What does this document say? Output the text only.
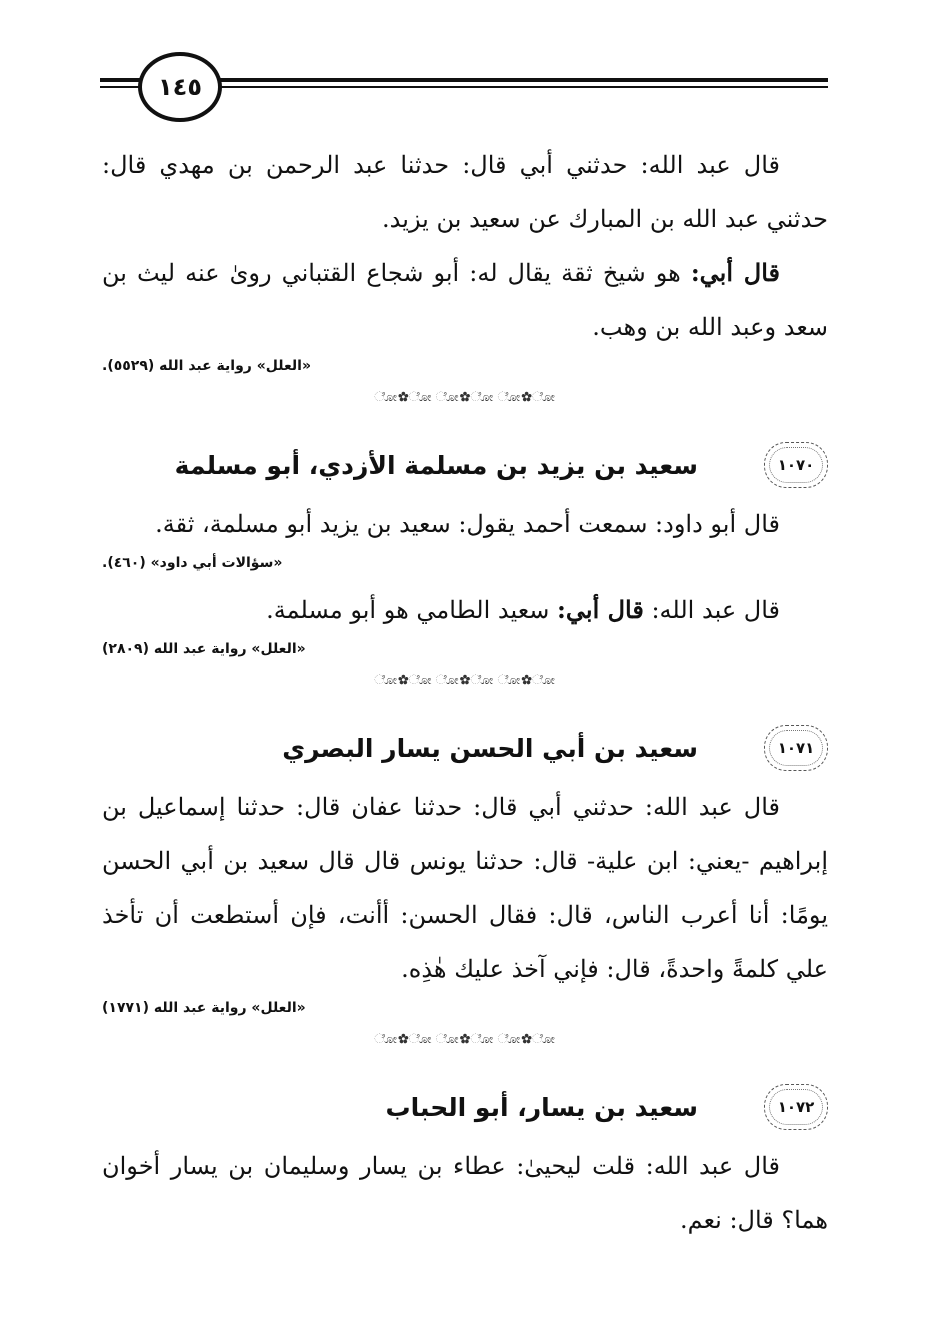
١٤٥

قال عبد الله: حدثني أبي قال: حدثنا عبد الرحمن بن مهدي قال: حدثني عبد الله بن المبارك عن سعيد بن يزيد.

قال أبي: هو شيخ ثقة يقال له: أبو شجاع القتباني روىٰ عنه ليث بن سعد وعبد الله بن وهب.

«العلل» رواية عبد الله (٥٥٢٩).
ೋ✿ೋ ೋ✿ೋ ೋ✿ೋ
١٠٧٠
سعيد بن يزيد بن مسلمة الأزدي، أبو مسلمة

قال أبو داود: سمعت أحمد يقول: سعيد بن يزيد أبو مسلمة، ثقة.

«سؤالات أبي داود» (٤٦٠).

قال عبد الله: قال أبي: سعيد الطامي هو أبو مسلمة.

«العلل» رواية عبد الله (٢٨٠٩)
ೋ✿ೋ ೋ✿ೋ ೋ✿ೋ
١٠٧١
سعيد بن أبي الحسن يسار البصري

قال عبد الله: حدثني أبي قال: حدثنا عفان قال: حدثنا إسماعيل بن إبراهيم -يعني: ابن علية- قال: حدثنا يونس قال قال سعيد بن أبي الحسن يومًا: أنا أعرب الناس، قال: فقال الحسن: أأنت، فإن أستطعت أن تأخذ علي كلمةً واحدةً، قال: فإني آخذ عليك هٰذِه.

«العلل» رواية عبد الله (١٧٧١)
ೋ✿ೋ ೋ✿ೋ ೋ✿ೋ
١٠٧٢
سعيد بن يسار، أبو الحباب

قال عبد الله: قلت ليحيىٰ: عطاء بن يسار وسليمان بن يسار أخوان هما؟ قال: نعم.
